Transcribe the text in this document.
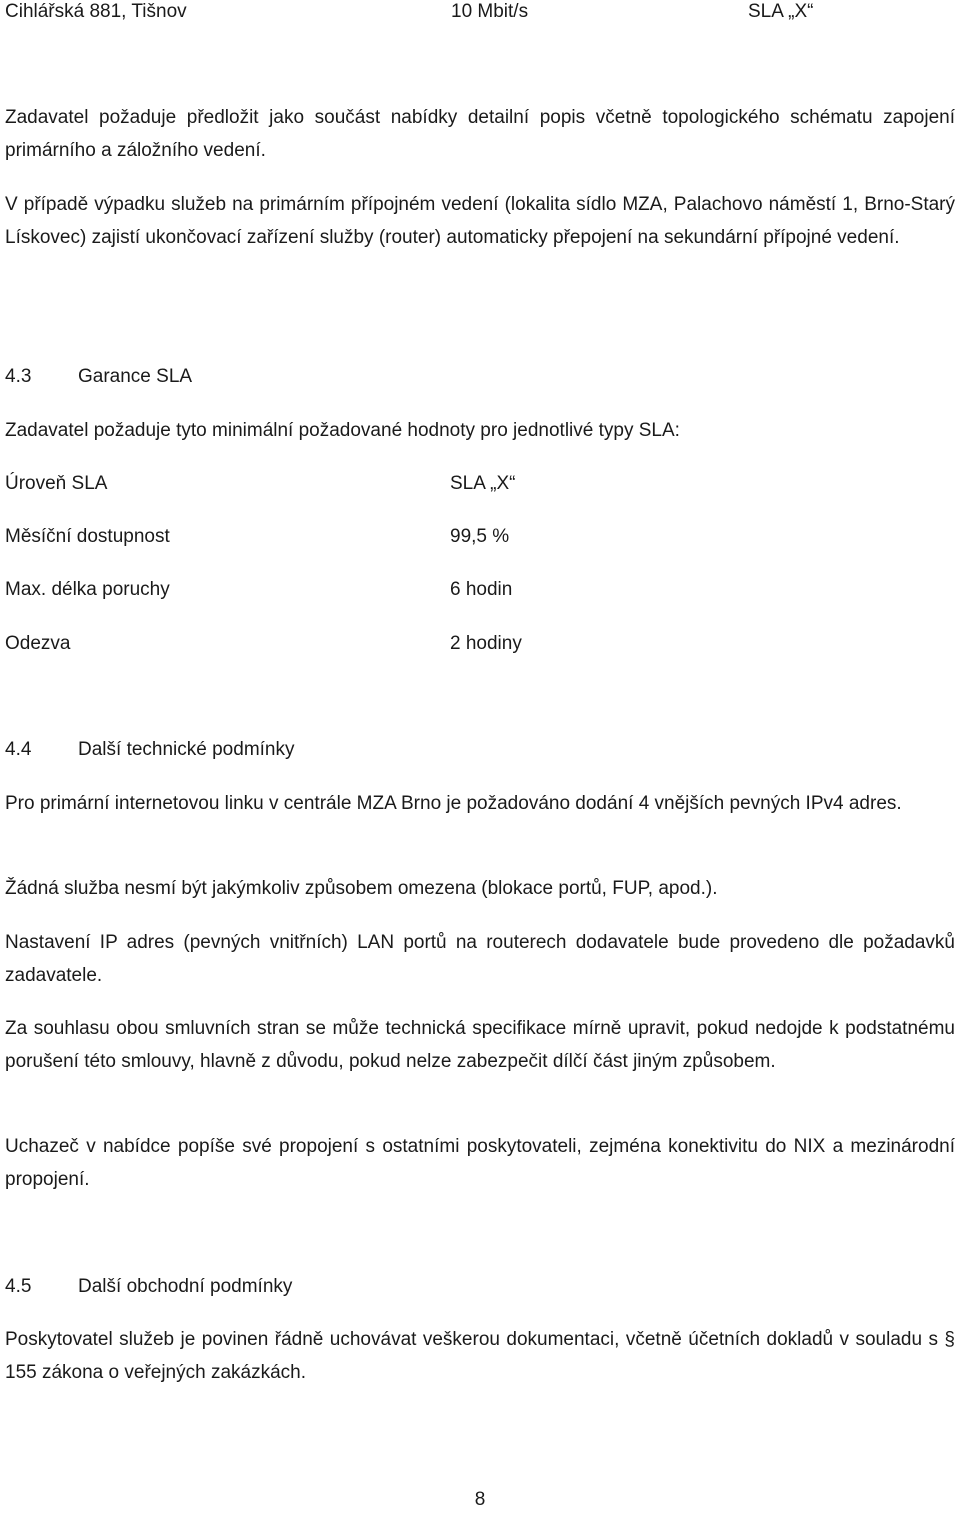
Cihlářská 881, Tišnov	10 Mbit/s	SLA „X“
Zadavatel požaduje předložit jako součást nabídky detailní popis včetně topologického schématu zapojení primárního a záložního vedení.
V případě výpadku služeb na primárním přípojném vedení (lokalita sídlo MZA, Palachovo náměstí 1, Brno-Starý Lískovec) zajistí ukončovací zařízení služby (router) automaticky přepojení na sekundární přípojné vedení.
4.3 Garance SLA
Zadavatel požaduje tyto minimální požadované hodnoty pro jednotlivé typy SLA:
Úroveň SLA	SLA „X“
Měsíční dostupnost	99,5 %
Max. délka poruchy	6 hodin
Odezva	2 hodiny
4.4 Další technické podmínky
Pro primární internetovou linku v centrále MZA Brno je požadováno dodání 4 vnějších pevných IPv4 adres.
Žádná služba nesmí být jakýmkoliv způsobem omezena (blokace portů, FUP, apod.).
Nastavení IP adres (pevných vnitřních) LAN portů na routerech dodavatele bude provedeno dle požadavků zadavatele.
Za souhlasu obou smluvních stran se může technická specifikace mírně upravit, pokud nedojde k podstatnému porušení této smlouvy, hlavně z důvodu, pokud nelze zabezpečit dílčí část jiným způsobem.
Uchazeč v nabídce popíše své propojení s ostatními poskytovateli, zejména konektivitu do NIX a mezinárodní propojení.
4.5 Další obchodní podmínky
Poskytovatel služeb je povinen řádně uchovávat veškerou dokumentaci, včetně účetních dokladů v souladu s § 155 zákona o veřejných zakázkách.
8
